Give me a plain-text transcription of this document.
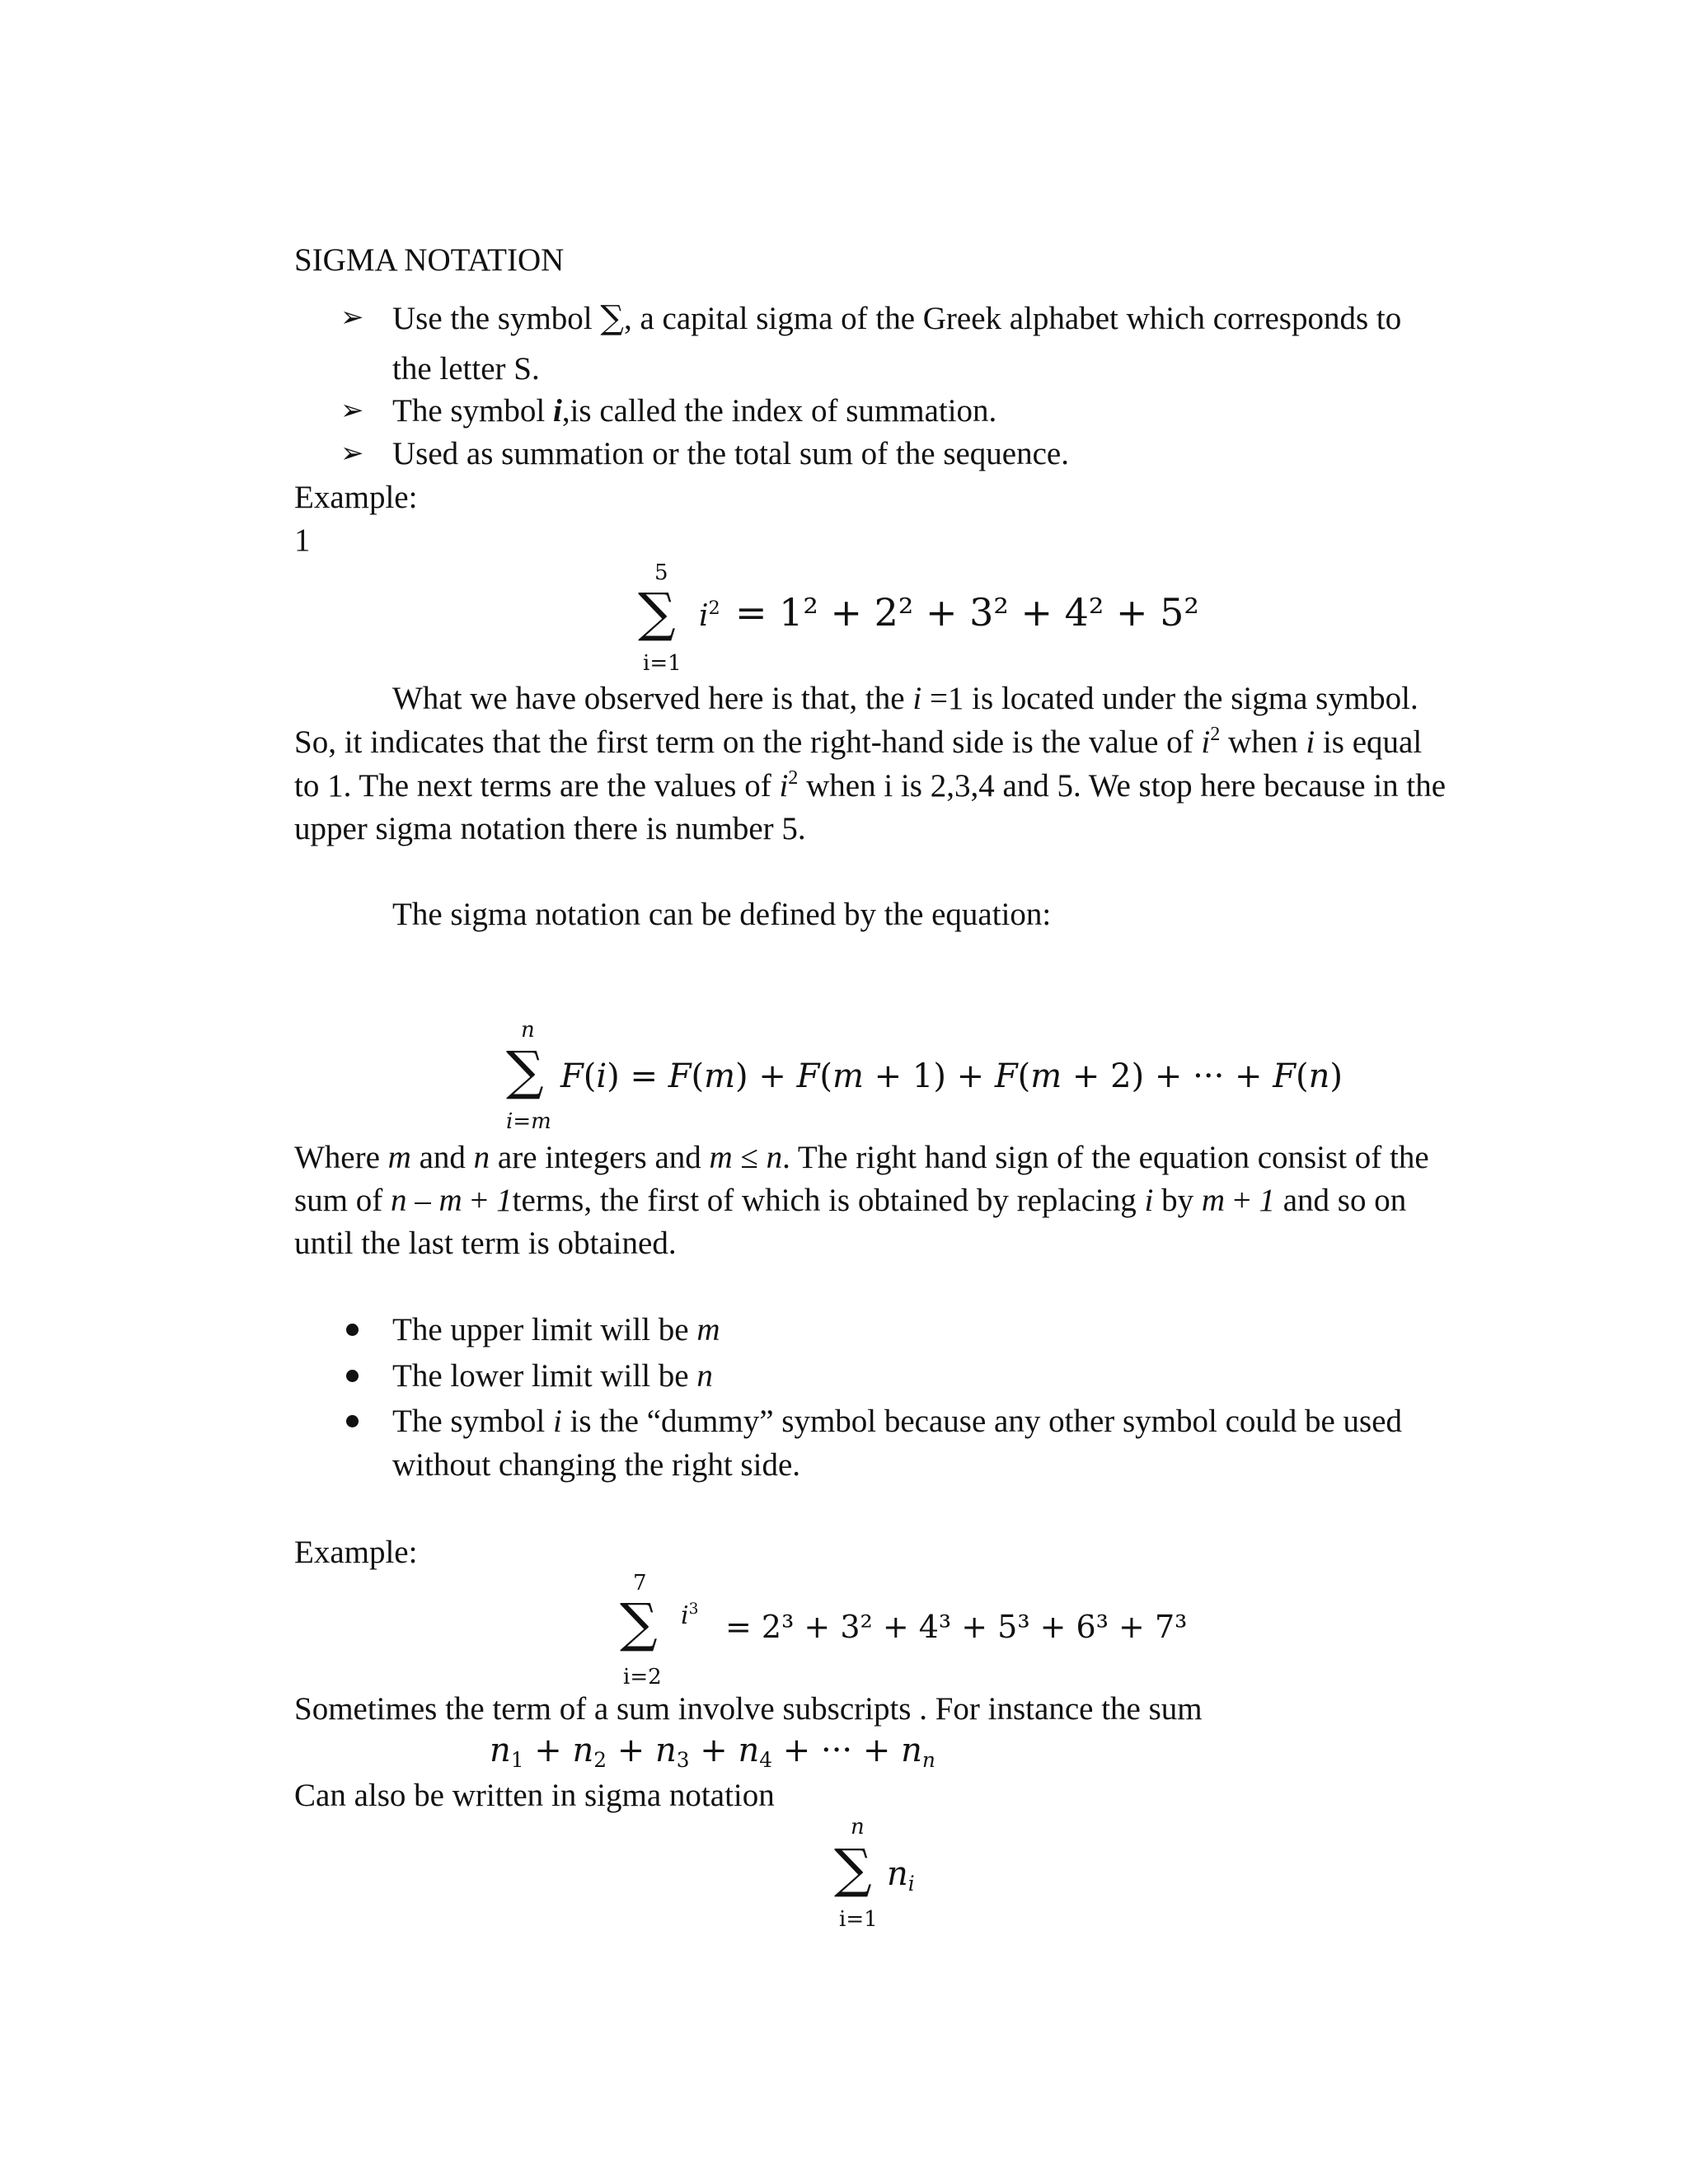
SIGMA NOTATION
➢ Use the symbol ∑, a capital sigma of the Greek alphabet which corresponds to
the letter S.
➢ The symbol i,is called the index of summation.
➢ Used as summation or the total sum of the sequence.
Example:
1
5
∑ $i^2 = 1^2 + 2^2 + 3^2 + 4^2 + 5^2$
i=1
What we have observed here is that, the i =1 is located under the sigma symbol.
So, it indicates that the first term on the right-hand side is the value of $i^2$ when i is equal
to 1. The next terms are the values of $i^2$ when i is 2,3,4 and 5. We stop here because in the
upper sigma notation there is number 5.
The sigma notation can be defined by the equation:
n
∑ F(i) = F(m) + F(m + 1) + F(m + 2) + ··· + F(n)
i=m
Where m and n are integers and m ≤ n. The right hand sign of the equation consist of the
sum of n – m + 1terms, the first of which is obtained by replacing i by m + 1 and so on
until the last term is obtained.
The upper limit will be m
The lower limit will be n
The symbol i is the “dummy” symbol because any other symbol could be used
without changing the right side.
Example:
7
∑ $i^3 = 2^3 + 3^2 + 4^3 + 5^3 + 6^3 + 7^3$
i=2
Sometimes the term of a sum involve subscripts . For instance the sum
$n_1 + n_2 + n_3 + n_4$ + ··· + $n_n$
Can also be written in sigma notation
n
∑ $n_i$
i=1
